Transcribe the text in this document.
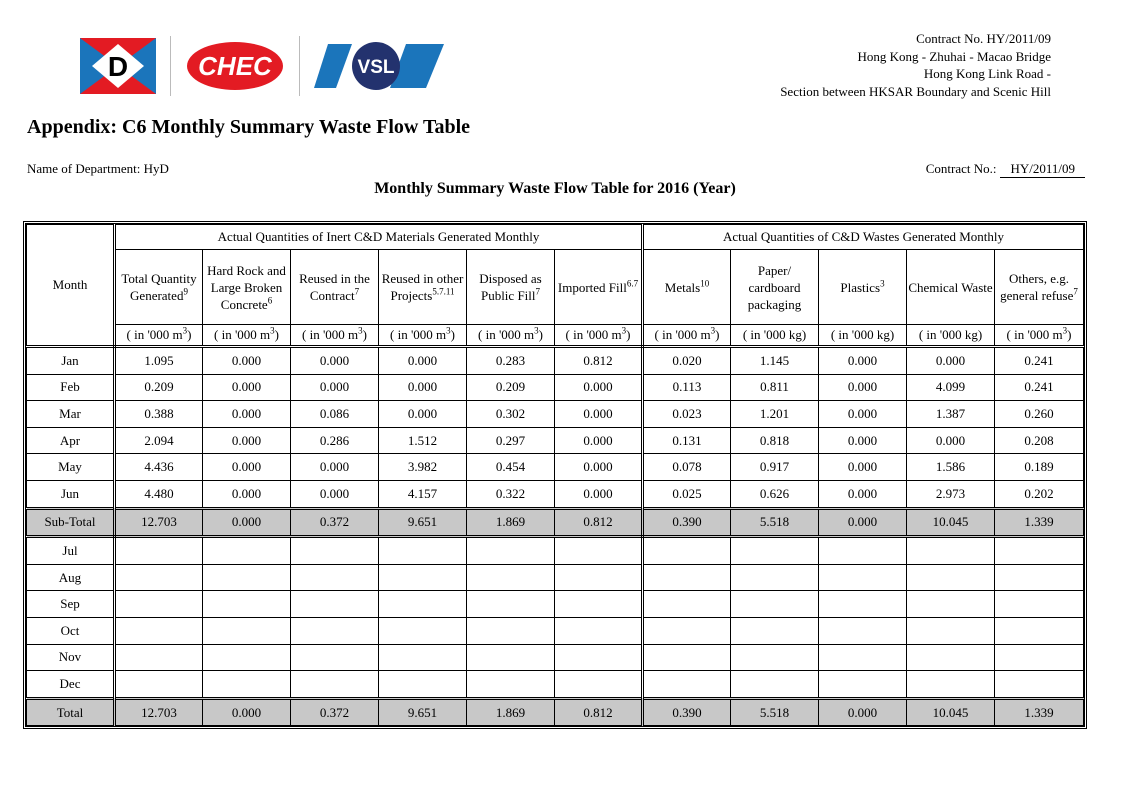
D	CHEC	VSL
Contract No. HY/2011/09
Hong Kong - Zhuhai - Macao Bridge
Hong Kong Link Road -
Section between HKSAR Boundary and Scenic Hill
Appendix: C6 Monthly Summary Waste Flow Table
Name of Department: HyD	Contract No.: HY/2011/09
Monthly Summary Waste Flow Table for 2016 (Year)
Month	Actual Quantities of Inert C&D Materials Generated Monthly						Actual Quantities of C&D Wastes Generated Monthly				
	Total Quantity Generated$^9$	Hard Rock and Large Broken Concrete$^6$	Reused in the Contract$^7$	Reused in other Projects$^{5.7.11}$	Disposed as Public Fill$^7$	Imported Fill$^{6.7}$	Metals$^{10}$	Paper/ cardboard packaging	Plastics$^3$	Chemical Waste	Others, e.g. general refuse$^7$
	( in '000 $m^3$)	( in '000 $m^3$)	( in '000 $m^3$)	( in '000 $m^3$)	( in '000 $m^3$)	( in '000 $m^3$)	( in '000 $m^3$)	( in '000 kg)	( in '000 kg)	( in '000 kg)	( in '000 $m^3$)
Jan	1.095	0.000	0.000	0.000	0.283	0.812	0.020	1.145	0.000	0.000	0.241
Feb	0.209	0.000	0.000	0.000	0.209	0.000	0.113	0.811	0.000	4.099	0.241
Mar	0.388	0.000	0.086	0.000	0.302	0.000	0.023	1.201	0.000	1.387	0.260
Apr	2.094	0.000	0.286	1.512	0.297	0.000	0.131	0.818	0.000	0.000	0.208
May	4.436	0.000	0.000	3.982	0.454	0.000	0.078	0.917	0.000	1.586	0.189
Jun	4.480	0.000	0.000	4.157	0.322	0.000	0.025	0.626	0.000	2.973	0.202
Sub-Total	12.703	0.000	0.372	9.651	1.869	0.812	0.390	5.518	0.000	10.045	1.339
Jul											
Aug											
Sep											
Oct											
Nov											
Dec											
Total	12.703	0.000	0.372	9.651	1.869	0.812	0.390	5.518	0.000	10.045	1.339
